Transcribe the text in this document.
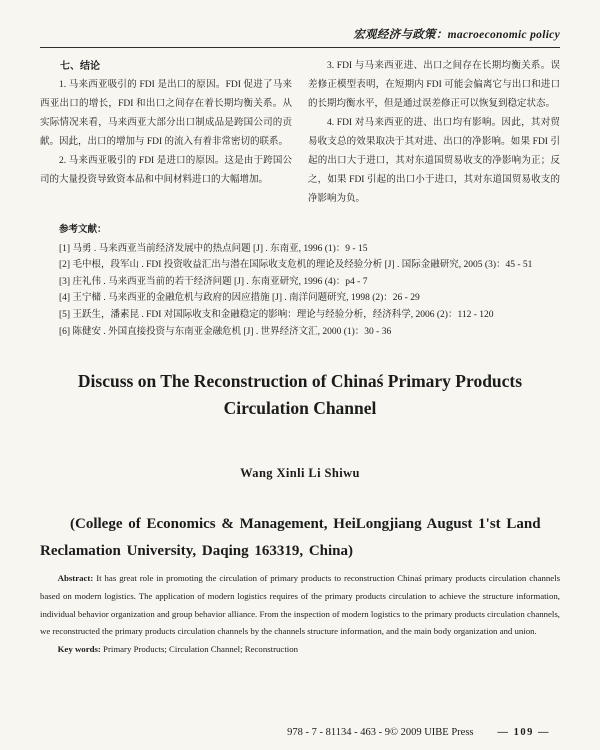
宏观经济与政策：macroeconomic policy
七、结论

1. 马来西亚吸引的 FDI 是出口的原因。FDI 促进了马来西亚出口的增长，FDI 和出口之间存在着长期均衡关系。从实际情况来看，马来西亚大部分出口制成品是跨国公司的贡献。因此，出口的增加与 FDI 的流入有着非常密切的联系。

2. 马来西亚吸引的 FDI 是进口的原因。这是由于跨国公司的大量投资导致资本品和中间材料进口的大幅增加。

3. FDI 与马来西亚进、出口之间存在长期均衡关系。误差修正模型表明，在短期内 FDI 可能会偏离它与出口和进口的长期均衡水平，但是通过误差修正可以恢复到稳定状态。

4. FDI 对马来西亚的进、出口均有影响。因此，其对贸易收支总的效果取决于其对进、出口的净影响。如果 FDI 引起的出口大于进口，其对东道国贸易收支的净影响为正；反之，如果 FDI 引起的出口小于进口，其对东道国贸易收支的净影响为负。

参考文献：

[1] 马勇 . 马来西亚当前经济发展中的热点问题 [J] . 东南亚, 1996 (1)：9 - 15

[2] 毛中根，段军山 . FDI 投资收益汇出与潜在国际收支危机的理论及经验分析 [J] . 国际金融研究, 2005 (3)：45 - 51

[3] 庄礼伟 . 马来西亚当前的若干经济问题 [J] . 东南亚研究, 1996 (4)：p4 - 7

[4] 王宁槠 . 马来西亚的金融危机与政府的因应措施 [J] . 南洋问题研究, 1998 (2)：26 - 29

[5] 王跃生，潘素昆 . FDI 对国际收支和金融稳定的影响：理论与经验分析，经济科学, 2006 (2)：112 - 120

[6] 陈健安 . 外国直接投资与东南亚金融危机 [J] . 世界经济文汇, 2000 (1)：30 - 36

Discuss on The Reconstruction of Chinaś Primary Products
Circulation Channel
Wang Xinli Li Shiwu

(College of Economics & Management, HeiLongjiang August 1'st Land Reclamation University, Daqing 163319, China)

Abstract: It has great role in promoting the circulation of primary products to reconstruction Chinaś primary products circulation channels based on modern logistics. The application of modern logistics requires of the primary products circulation to achieve the structure information, individual behavior organization and group behavior alliance. From the inspection of modern logistics to the primary products circulation channels, we reconstructed the primary products circulation channels by the channels structure information, and the main body organization and union.

Key words: Primary Products; Circulation Channel; Reconstruction

978 - 7 - 81134 - 463 - 9© 2009 UIBE Press — 109 —
